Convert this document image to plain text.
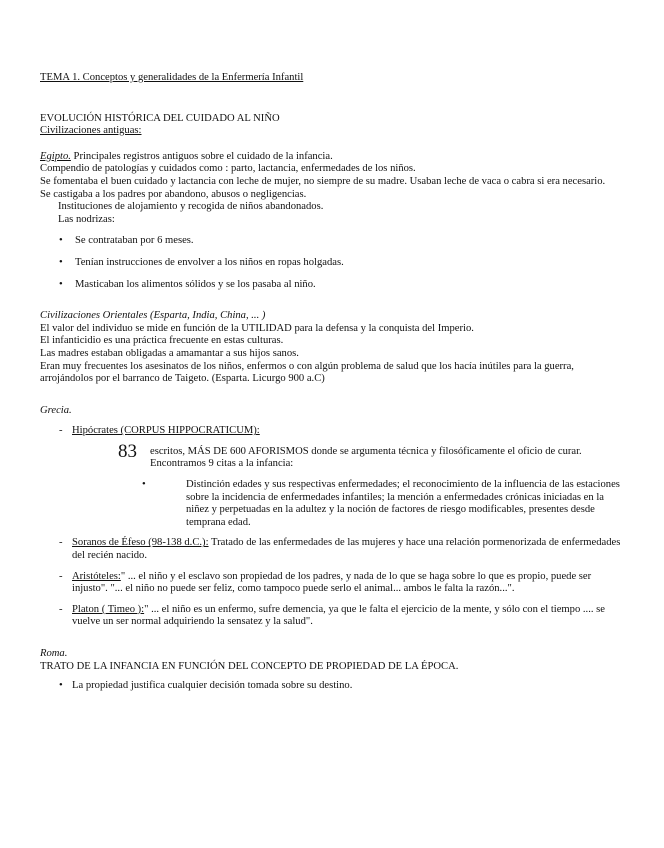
TEMA 1. Conceptos y generalidades de la Enfermería Infantil
EVOLUCIÓN HISTÓRICA DEL CUIDADO AL NIÑO
Civilizaciones antiguas:
Egipto. Principales registros antiguos sobre el cuidado de la infancia.
Compendio de patologías y cuidados como : parto, lactancia, enfermedades de los niños.
Se fomentaba el buen cuidado y lactancia con leche de mujer, no siempre de su madre. Usaban leche de vaca o cabra si era necesario.
Se castigaba a los padres por abandono, abusos o negligencias.
Instituciones de alojamiento y recogida de niños abandonados.
Las nodrizas:
• Se contrataban por 6 meses.
• Tenían instrucciones de envolver a los niños en ropas holgadas.
• Masticaban los alimentos sólidos y se los pasaba al niño.
Civilizaciones Orientales (Esparta, India, China, ... )
El valor del individuo se mide en función de la UTILIDAD para la defensa y la conquista del Imperio.
El infanticidio es una práctica frecuente en estas culturas.
Las madres estaban obligadas a amamantar a sus hijos sanos.
Eran muy frecuentes los asesinatos de los niños, enfermos o con algún problema de salud que los hacía inútiles para la guerra, arrojándolos por el barranco de Taigeto. (Esparta. Licurgo 900 a.C)
Grecia.
- Hipócrates (CORPUS HIPPOCRATICUM):
83 escritos, MÁS DE 600 AFORISMOS donde se argumenta técnica y filosóficamente el oficio de curar. Encontramos 9 citas a la infancia:
• Distinción edades y sus respectivas enfermedades; el reconocimiento de la influencia de las estaciones sobre la incidencia de enfermedades infantiles; la mención a enfermedades crónicas iniciadas en la niñez y perpetuadas en la adultez y la noción de factores de riesgo modificables, presentes desde temprana edad.
- Soranos de Éfeso (98-138 d.C.): Tratado de las enfermedades de las mujeres y hace una relación pormenorizada de enfermedades del recién nacido.
- Aristóteles:" ... el niño y el esclavo son propiedad de los padres, y nada de lo que se haga sobre lo que es propio, puede ser injusto". "... el niño no puede ser feliz, como tampoco puede serlo el animal... ambos le falta la razón...".
- Platon ( Timeo ):" ... el niño es un enfermo, sufre demencia, ya que le falta el ejercicio de la mente, y sólo con el tiempo .... se vuelve un ser normal adquiriendo la sensatez y la salud".
Roma.
TRATO DE LA INFANCIA EN FUNCIÓN DEL CONCEPTO DE PROPIEDAD DE LA ÉPOCA.
• La propiedad justifica cualquier decisión tomada sobre su destino.
